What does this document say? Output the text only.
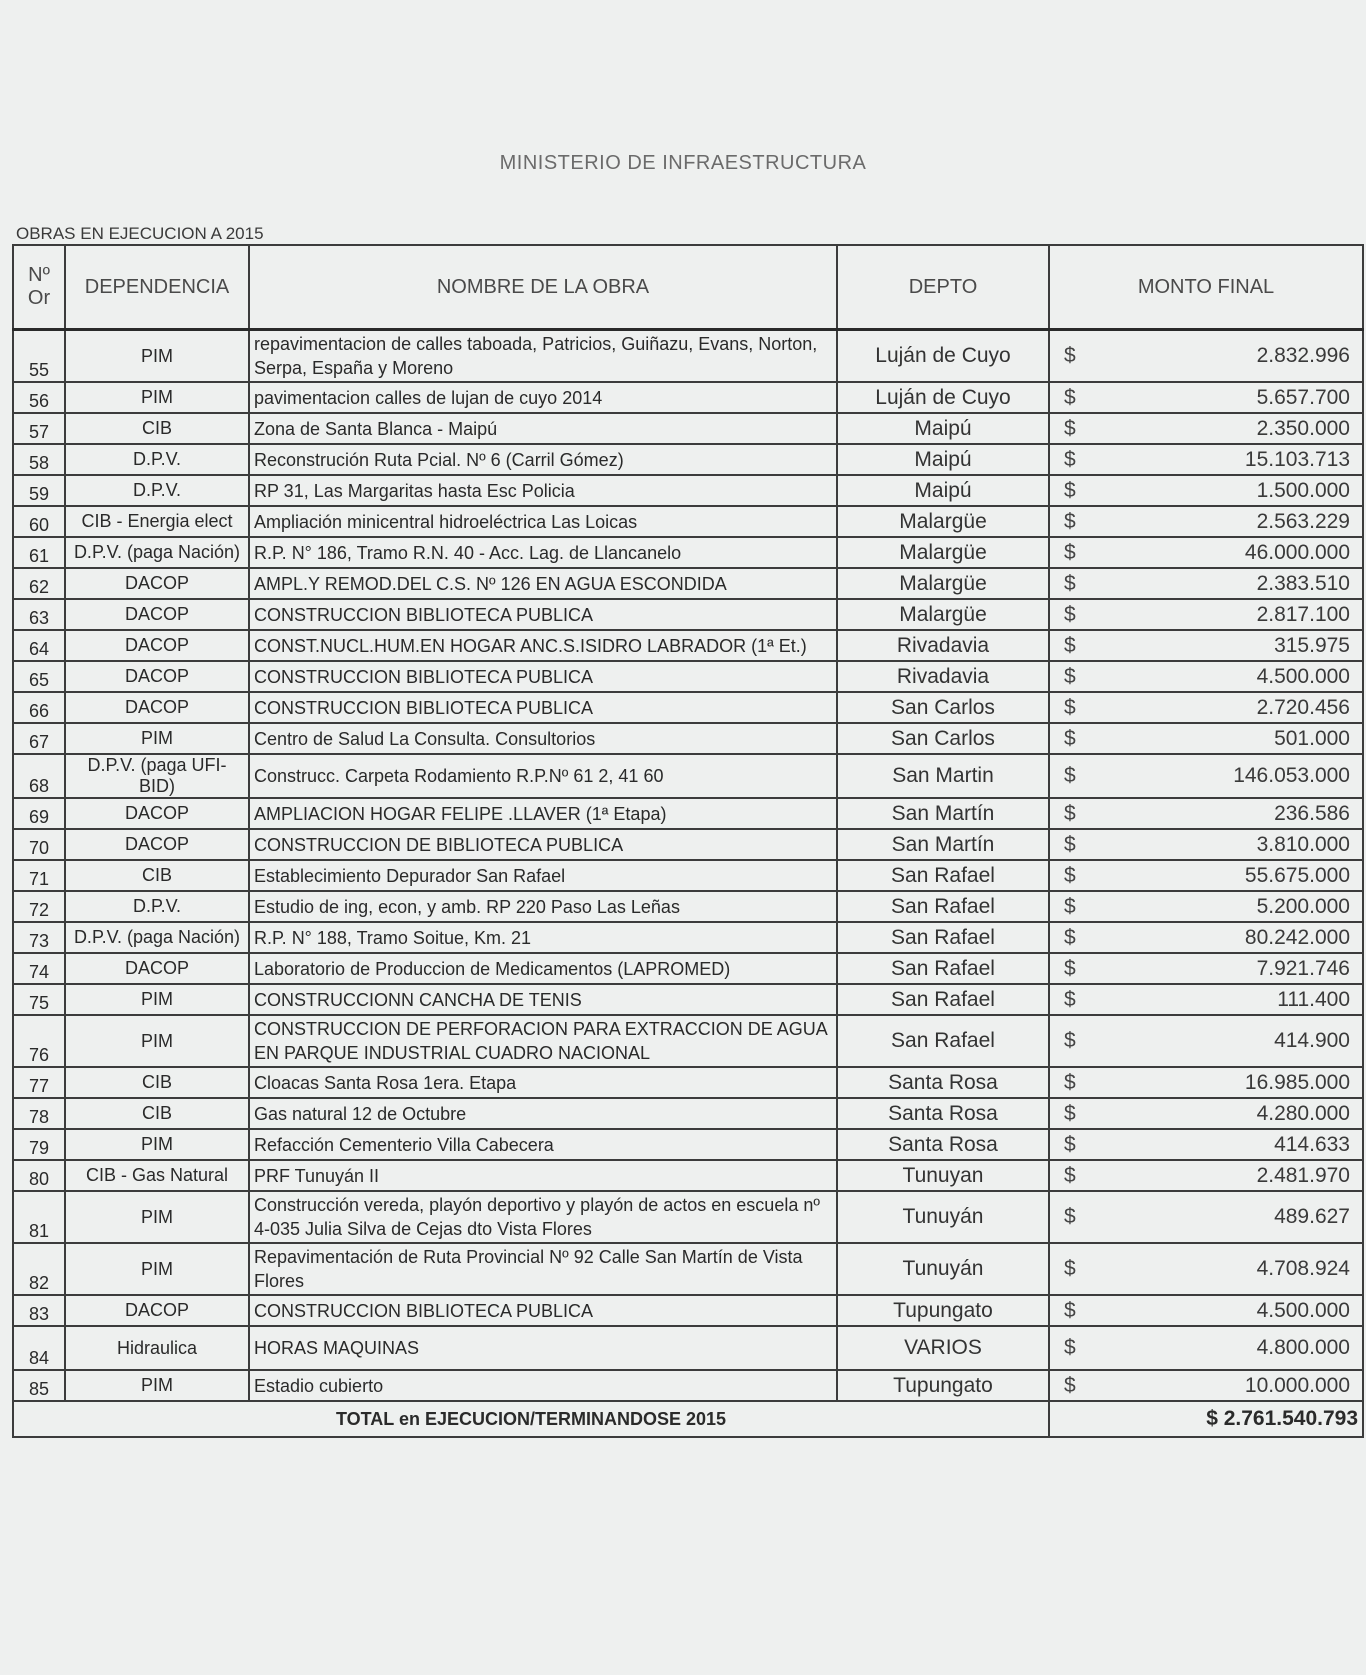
MINISTERIO DE INFRAESTRUCTURA
OBRAS EN EJECUCION A 2015
Nº Or	DEPENDENCIA	NOMBRE DE LA OBRA	DEPTO	MONTO FINAL
55	PIM	repavimentacion de calles taboada, Patricios, Guiñazu, Evans, Norton, Serpa, España y Moreno	Luján de Cuyo	$ 2.832.996

56	PIM	pavimentacion calles de lujan de cuyo 2014	Luján de Cuyo	$ 5.657.700

57	CIB	Zona de Santa Blanca - Maipú	Maipú	$ 2.350.000

58	D.P.V.	Reconstrución Ruta Pcial. Nº 6 (Carril Gómez)	Maipú	$ 15.103.713

59	D.P.V.	RP 31, Las Margaritas hasta Esc Policia	Maipú	$ 1.500.000

60	CIB - Energia elect	Ampliación minicentral hidroeléctrica Las Loicas	Malargüe	$ 2.563.229

61	D.P.V. (paga Nación)	R.P. N° 186, Tramo R.N. 40 - Acc. Lag. de Llancanelo	Malargüe	$ 46.000.000

62	DACOP	AMPL.Y REMOD.DEL C.S. Nº 126 EN AGUA ESCONDIDA	Malargüe	$ 2.383.510

63	DACOP	CONSTRUCCION BIBLIOTECA PUBLICA	Malargüe	$ 2.817.100

64	DACOP	CONST.NUCL.HUM.EN HOGAR ANC.S.ISIDRO LABRADOR (1ª Et.)	Rivadavia	$ 315.975

65	DACOP	CONSTRUCCION BIBLIOTECA PUBLICA	Rivadavia	$ 4.500.000

66	DACOP	CONSTRUCCION BIBLIOTECA PUBLICA	San Carlos	$ 2.720.456

67	PIM	Centro de Salud La Consulta. Consultorios	San Carlos	$ 501.000

68	D.P.V. (paga UFI-BID)	Construcc. Carpeta Rodamiento R.P.Nº 61 2, 41 60	San Martin	$ 146.053.000

69	DACOP	AMPLIACION HOGAR FELIPE .LLAVER (1ª Etapa)	San Martín	$ 236.586

70	DACOP	CONSTRUCCION DE BIBLIOTECA PUBLICA	San Martín	$ 3.810.000

71	CIB	Establecimiento Depurador San Rafael	San Rafael	$ 55.675.000

72	D.P.V.	Estudio de ing, econ, y amb. RP 220 Paso Las Leñas	San Rafael	$ 5.200.000

73	D.P.V. (paga Nación)	R.P. N° 188, Tramo Soitue, Km. 21	San Rafael	$ 80.242.000

74	DACOP	Laboratorio de Produccion de Medicamentos (LAPROMED)	San Rafael	$ 7.921.746

75	PIM	CONSTRUCCIONN CANCHA DE TENIS	San Rafael	$ 111.400

76	PIM	CONSTRUCCION DE PERFORACION PARA EXTRACCION DE AGUA EN PARQUE INDUSTRIAL CUADRO NACIONAL	San Rafael	$ 414.900

77	CIB	Cloacas Santa Rosa 1era. Etapa	Santa Rosa	$ 16.985.000

78	CIB	Gas natural 12 de Octubre	Santa Rosa	$ 4.280.000

79	PIM	Refacción Cementerio Villa Cabecera	Santa Rosa	$ 414.633

80	CIB - Gas Natural	PRF Tunuyán II	Tunuyan	$ 2.481.970

81	PIM	Construcción vereda, playón deportivo y playón de actos en escuela nº 4-035 Julia Silva de Cejas dto Vista Flores	Tunuyán	$ 489.627

82	PIM	Repavimentación de Ruta Provincial Nº 92 Calle San Martín de Vista Flores	Tunuyán	$ 4.708.924

83	DACOP	CONSTRUCCION BIBLIOTECA PUBLICA	Tupungato	$ 4.500.000

84	Hidraulica	HORAS MAQUINAS	VARIOS	$ 4.800.000

85	PIM	Estadio cubierto	Tupungato	$ 10.000.000

TOTAL en EJECUCION/TERMINANDOSE 2015				$ 2.761.540.793
